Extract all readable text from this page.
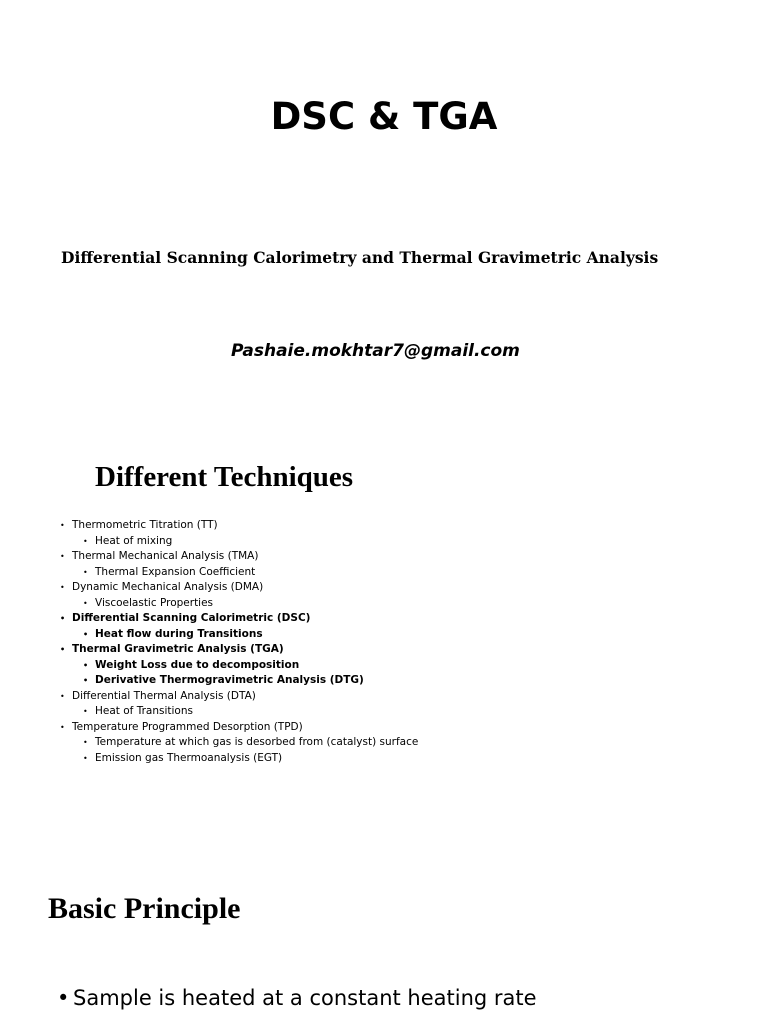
DSC & TGA
Differential Scanning Calorimetry and Thermal Gravimetric Analysis
Pashaie.mokhtar7@gmail.com
Different Techniques
• Thermometric Titration (TT)
• Heat of mixing
• Thermal Mechanical Analysis (TMA)
• Thermal Expansion Coefficient
• Dynamic Mechanical Analysis (DMA)
• Viscoelastic Properties
• Differential Scanning Calorimetric (DSC)
• Heat flow during Transitions
• Thermal Gravimetric Analysis (TGA)
• Weight Loss due to decomposition
• Derivative Thermogravimetric Analysis (DTG)
• Differential Thermal Analysis (DTA)
• Heat of Transitions
• Temperature Programmed Desorption (TPD)
• Temperature at which gas is desorbed from (catalyst) surface
• Emission gas Thermoanalysis (EGT)
Basic Principle
• Sample is heated at a constant heating rate
